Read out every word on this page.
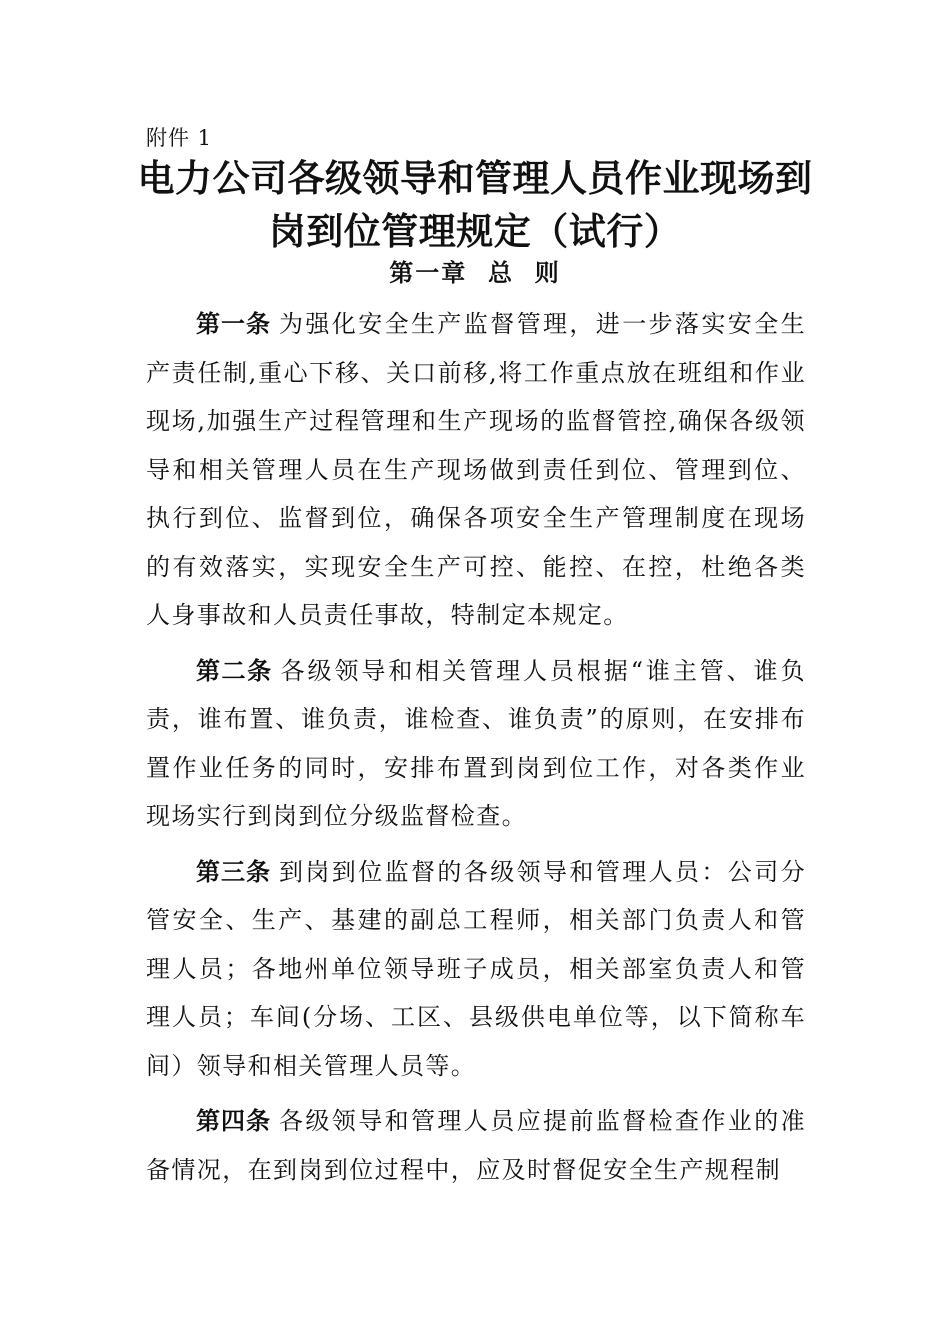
附件 1
电力公司各级领导和管理人员作业现场到
岗到位管理规定（试行）
第一章  总  则

第一条 为强化安全生产监督管理，进一步落实安全生产责任制,重心下移、关口前移,将工作重点放在班组和作业现场,加强生产过程管理和生产现场的监督管控,确保各级领导和相关管理人员在生产现场做到责任到位、管理到位、执行到位、监督到位，确保各项安全生产管理制度在现场的有效落实，实现安全生产可控、能控、在控，杜绝各类人身事故和人员责任事故，特制定本规定。

第二条 各级领导和相关管理人员根据“谁主管、谁负责，谁布置、谁负责，谁检查、谁负责”的原则，在安排布置作业任务的同时，安排布置到岗到位工作，对各类作业现场实行到岗到位分级监督检查。

第三条 到岗到位监督的各级领导和管理人员：公司分管安全、生产、基建的副总工程师，相关部门负责人和管理人员；各地州单位领导班子成员，相关部室负责人和管理人员；车间(分场、工区、县级供电单位等，以下简称车间）领导和相关管理人员等。

第四条 各级领导和管理人员应提前监督检查作业的准备情况，在到岗到位过程中，应及时督促安全生产规程制
